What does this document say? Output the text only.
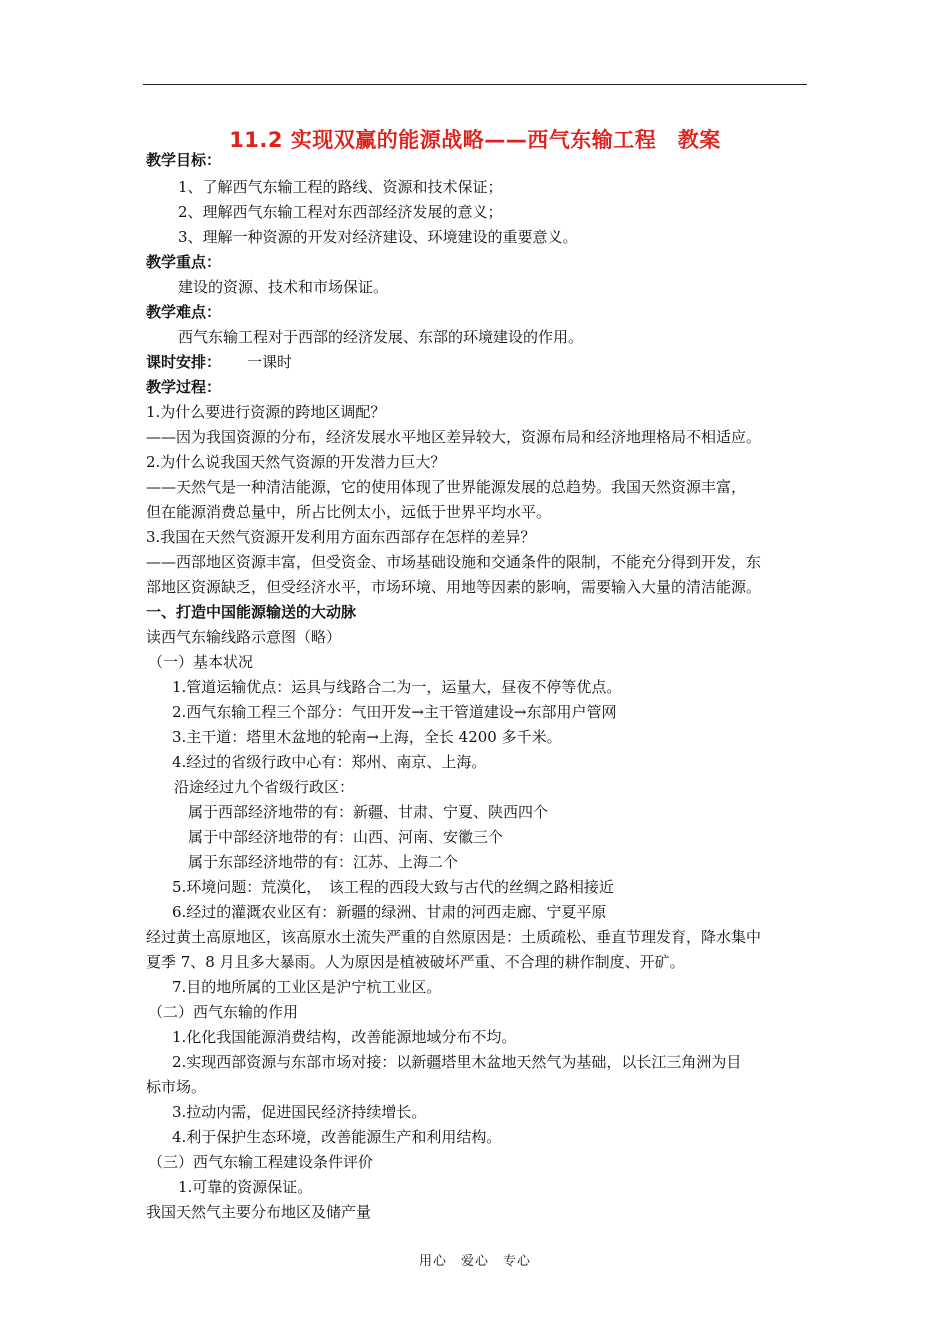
11.2 实现双赢的能源战略——西气东输工程　教案
教学目标：
1、了解西气东输工程的路线、资源和技术保证；
2、理解西气东输工程对东西部经济发展的意义；
3、理解一种资源的开发对经济建设、环境建设的重要意义。
教学重点：
建设的资源、技术和市场保证。
教学难点：
西气东输工程对于西部的经济发展、东部的环境建设的作用。
课时安排： 一课时
教学过程：
1.为什么要进行资源的跨地区调配？
——因为我国资源的分布，经济发展水平地区差异较大，资源布局和经济地理格局不相适应。
2.为什么说我国天然气资源的开发潜力巨大？
——天然气是一种清洁能源，它的使用体现了世界能源发展的总趋势。我国天然资源丰富，
但在能源消费总量中，所占比例太小，远低于世界平均水平。
3.我国在天然气资源开发利用方面东西部存在怎样的差异？
——西部地区资源丰富，但受资金、市场基础设施和交通条件的限制，不能充分得到开发，东
部地区资源缺乏，但受经济水平，市场环境、用地等因素的影响，需要输入大量的清洁能源。
一、打造中国能源输送的大动脉
读西气东输线路示意图（略）
（一）基本状况
1.管道运输优点：运具与线路合二为一，运量大，昼夜不停等优点。
2.西气东输工程三个部分：气田开发→主干管道建设→东部用户管网
3.主干道：塔里木盆地的轮南→上海，全长 4200 多千米。
4.经过的省级行政中心有：郑州、南京、上海。
沿途经过九个省级行政区：
属于西部经济地带的有：新疆、甘肃、宁夏、陕西四个
属于中部经济地带的有：山西、河南、安徽三个
属于东部经济地带的有：江苏、上海二个
5.环境问题：荒漠化，　该工程的西段大致与古代的丝绸之路相接近
6.经过的灌溉农业区有：新疆的绿洲、甘肃的河西走廊、宁夏平原
经过黄土高原地区，该高原水土流失严重的自然原因是：土质疏松、垂直节理发育，降水集中
夏季 7、8 月且多大暴雨。人为原因是植被破坏严重、不合理的耕作制度、开矿。
7.目的地所属的工业区是沪宁杭工业区。
（二）西气东输的作用
1.化化我国能源消费结构，改善能源地域分布不均。
2.实现西部资源与东部市场对接：以新疆塔里木盆地天然气为基础，以长江三角洲为目
标市场。
3.拉动内需，促进国民经济持续增长。
4.利于保护生态环境，改善能源生产和利用结构。
（三）西气东输工程建设条件评价
1.可靠的资源保证。
我国天然气主要分布地区及储产量
用心　爱心　专心
